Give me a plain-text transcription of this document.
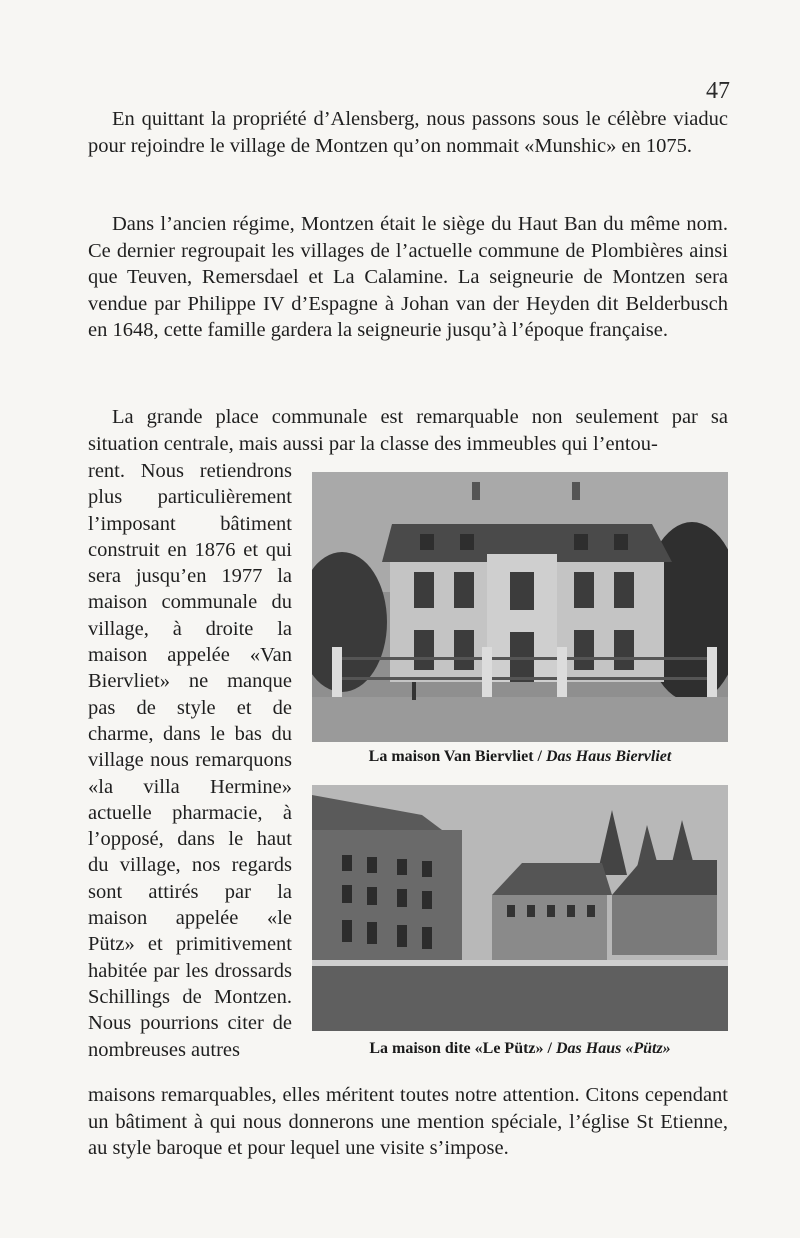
47

En quittant la propriété d’Alensberg, nous passons sous le célèbre viaduc pour rejoindre le village de Montzen qu’on nommait «Munshic» en 1075.

Dans l’ancien régime, Montzen était le siège du Haut Ban du même nom. Ce dernier regroupait les villages de l’actuelle commune de Plombières ainsi que Teuven, Remersdael et La Calamine. La seigneurie de Montzen sera vendue par Philippe IV d’Espagne à Johan van der Heyden dit Belderbusch en 1648, cette famille gardera la seigneurie jusqu’à l’époque française.

La grande place communale est remarquable non seulement par sa situation centrale, mais aussi par la classe des immeubles qui l’entou-

rent. Nous retiendrons plus particulièrement l’imposant bâtiment construit en 1876 et qui sera jusqu’en 1977 la maison communale du village, à droite la maison appelée «Van Biervliet» ne manque pas de style et de charme, dans le bas du village nous remarquons «la villa Hermine» actuelle pharmacie, à l’opposé, dans le haut du village, nos regards sont attirés par la maison appelée «le Pütz» et primitivement habitée par les drossards Schillings de Montzen. Nous pourrions citer de nombreuses autres

maisons remarquables, elles méritent toutes notre attention. Citons cependant un bâtiment à qui nous donnerons une mention spéciale, l’église St Etienne, au style baroque et pour lequel une visite s’impose.

La maison Van Biervliet / Das Haus Biervliet
La maison dite «Le Pütz» / Das Haus «Pütz»
